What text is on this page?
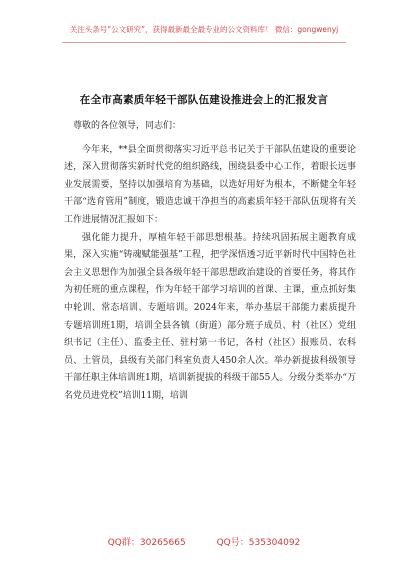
关注头条号“公文研究”，获得最新最全最专业的公文资料库！ 微信：gongwenyj
在全市高素质年轻干部队伍建设推进会上的汇报发言

尊敬的各位领导，同志们：

今年来，**县全面贯彻落实习近平总书记关于干部队伍建设的重要论述，深入贯彻落实新时代党的组织路线，围绕县委中心工作，着眼长远事业发展需要，坚持以加强培育为基础，以选好用好为根本，不断健全年轻干部“选育管用”制度，锻造忠诚干净担当的高素质年轻干部队伍现将有关工作进展情况汇报如下：

强化能力提升，厚植年轻干部思想根基。持续巩固拓展主题教育成果，深入实施“铸魂赋能强基”工程，把学深悟透习近平新时代中国特色社会主义思想作为加强全县各级年轻干部思想政治建设的首要任务，将其作为初任班的重点课程，作为年轻干部学习培训的首课、主课，重点抓好集中轮训、常态培训、专题培训。2024年来，举办基层干部能力素质提升专题培训班1期，培训全县各镇（街道）部分班子成员、村（社区）党组织书记（主任）、监委主任、驻村第一书记，各村（社区）报账员、农科员、土管员，县级有关部门科室负责人450余人次。举办新提拔科级领导干部任职主体培训班1期，培训新提拔的科级干部55人。分级分类举办“万名党员进党校”培训11期，培训

QQ群：30265665	QQ号：535304092
